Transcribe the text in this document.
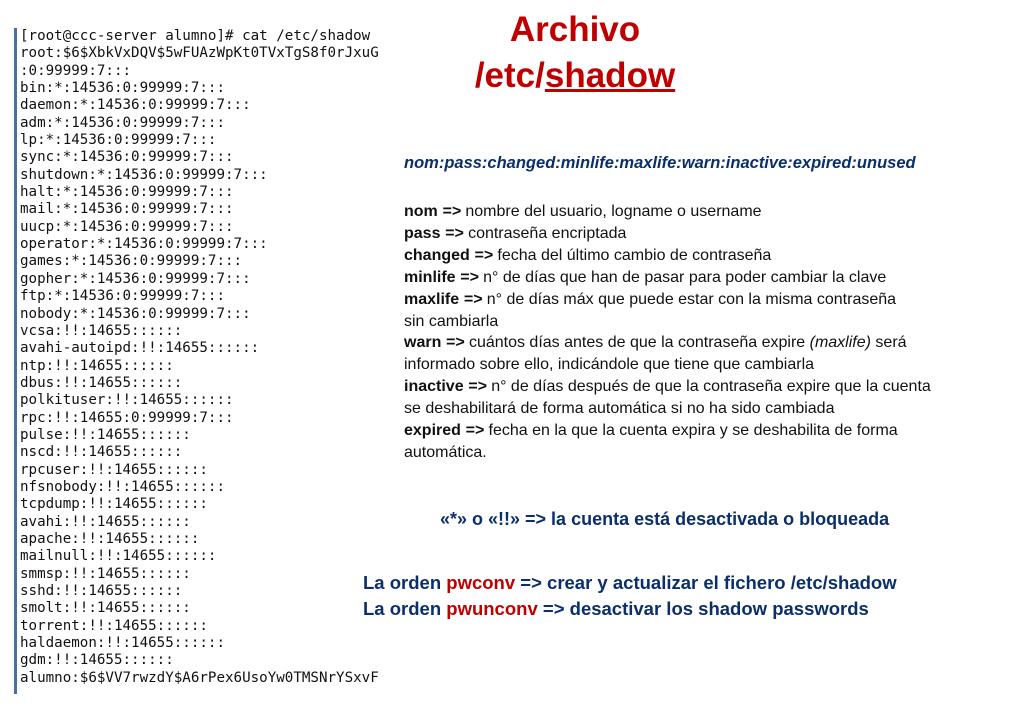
[root@ccc-server alumno]# cat /etc/shadow
root:$6$XbkVxDQV$5wFUAzWpKt0TVxTgS8f0rJxuG
:0:99999:7:::
bin:*:14536:0:99999:7:::
daemon:*:14536:0:99999:7:::
adm:*:14536:0:99999:7:::
lp:*:14536:0:99999:7:::
sync:*:14536:0:99999:7:::
shutdown:*:14536:0:99999:7:::
halt:*:14536:0:99999:7:::
mail:*:14536:0:99999:7:::
uucp:*:14536:0:99999:7:::
operator:*:14536:0:99999:7:::
games:*:14536:0:99999:7:::
gopher:*:14536:0:99999:7:::
ftp:*:14536:0:99999:7:::
nobody:*:14536:0:99999:7:::
vcsa:!!:14655::::::
avahi-autoipd:!!:14655::::::
ntp:!!:14655::::::
dbus:!!:14655::::::
polkituser:!!:14655::::::
rpc:!!:14655:0:99999:7:::
pulse:!!:14655::::::
nscd:!!:14655::::::
rpcuser:!!:14655::::::
nfsnobody:!!:14655::::::
tcpdump:!!:14655::::::
avahi:!!:14655::::::
apache:!!:14655::::::
mailnull:!!:14655::::::
smmsp:!!:14655::::::
sshd:!!:14655::::::
smolt:!!:14655::::::
torrent:!!:14655::::::
haldaemon:!!:14655::::::
gdm:!!:14655::::::
alumno:$6$VV7rwzdY$A6rPex6UsoYw0TMSNrYSxvF
Archivo
/etc/shadow
nom:pass:changed:minlife:maxlife:warn:inactive:expired:unused
nom => nombre del usuario, logname o username
pass => contraseña encriptada
changed => fecha del último cambio de contraseña
minlife => n° de días que han de pasar para poder cambiar la clave
maxlife => n° de días máx que puede estar con la misma contraseña
sin cambiarla
warn => cuántos días antes de que la contraseña expire (maxlife) será
informado sobre ello, indicándole que tiene que cambiarla
inactive => n° de días después de que la contraseña expire que la cuenta
se deshabilitará de forma automática si no ha sido cambiada
expired => fecha en la que la cuenta expira y se deshabilita de forma
automática.
«*» o «!!» => la cuenta está desactivada o bloqueada
La orden pwconv => crear y actualizar el fichero /etc/shadow
La orden pwunconv => desactivar los shadow passwords
